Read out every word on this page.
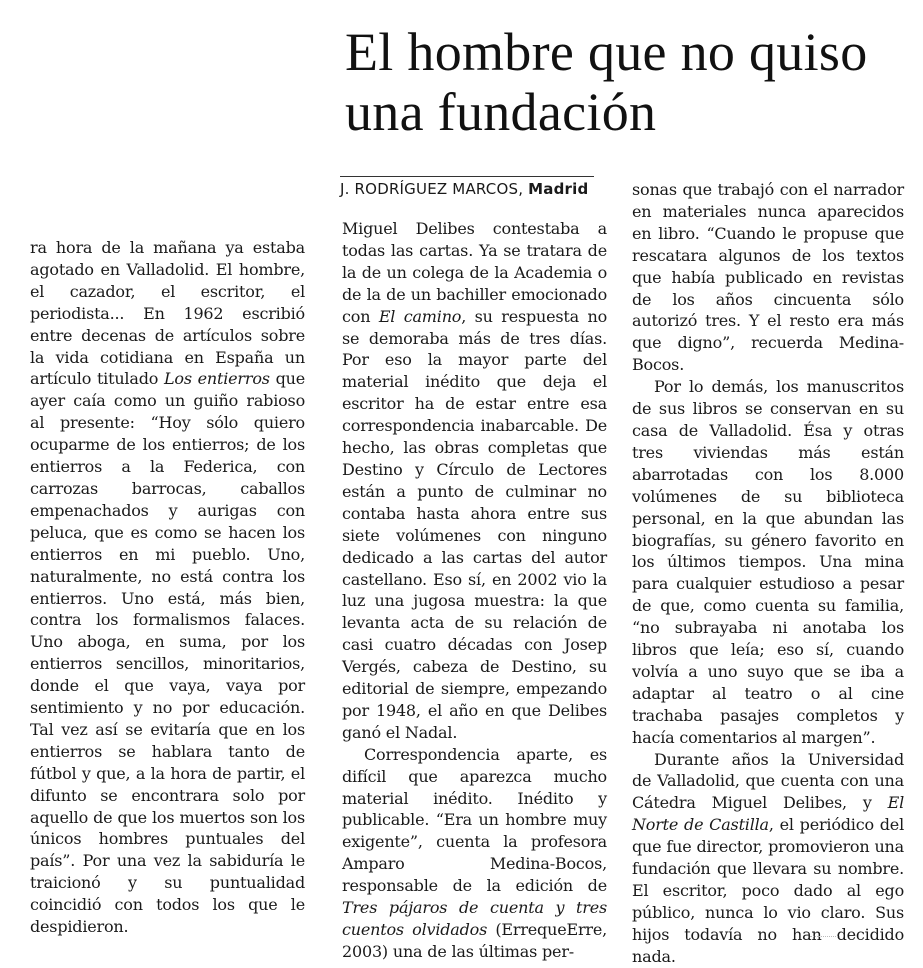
El hombre que no quiso una fundación
J. RODRÍGUEZ MARCOS, Madrid

ra hora de la mañana ya estaba agotado en Valladolid. El hombre, el cazador, el escritor, el periodista... En 1962 escribió entre decenas de artículos sobre la vida cotidiana en España un artículo titulado Los entierros que ayer caía como un guiño rabioso al presente: “Hoy sólo quiero ocuparme de los entierros; de los entierros a la Federica, con carrozas barrocas, caballos empenachados y aurigas con peluca, que es como se hacen los entierros en mi pueblo. Uno, naturalmente, no está contra los entierros. Uno está, más bien, contra los formalismos falaces. Uno aboga, en suma, por los entierros sencillos, minoritarios, donde el que vaya, vaya por sentimiento y no por educación. Tal vez así se evitaría que en los entierros se hablara tanto de fútbol y que, a la hora de partir, el difunto se encontrara solo por aquello de que los muertos son los únicos hombres puntuales del país”. Por una vez la sabiduría le traicionó y su puntualidad coincidió con todos los que le despidieron.

Miguel Delibes contestaba a todas las cartas. Ya se tratara de la de un colega de la Academia o de la de un bachiller emocionado con El camino, su respuesta no se demoraba más de tres días. Por eso la mayor parte del material inédito que deja el escritor ha de estar entre esa correspondencia inabarcable. De hecho, las obras completas que Destino y Círculo de Lectores están a punto de culminar no contaba hasta ahora entre sus siete volúmenes con ninguno dedicado a las cartas del autor castellano. Eso sí, en 2002 vio la luz una jugosa muestra: la que levanta acta de su relación de casi cuatro décadas con Josep Vergés, cabeza de Destino, su editorial de siempre, empezando por 1948, el año en que Delibes ganó el Nadal.

Correspondencia aparte, es difícil que aparezca mucho material inédito. Inédito y publicable. “Era un hombre muy exigente”, cuenta la profesora Amparo Medina-Bocos, responsable de la edición de Tres pájaros de cuenta y tres cuentos olvidados (ErrequeErre, 2003) una de las últimas per-

sonas que trabajó con el narrador en materiales nunca aparecidos en libro. “Cuando le propuse que rescatara algunos de los textos que había publicado en revistas de los años cincuenta sólo autorizó tres. Y el resto era más que digno”, recuerda Medina-Bocos.

Por lo demás, los manuscritos de sus libros se conservan en su casa de Valladolid. Ésa y otras tres viviendas más están abarrotadas con los 8.000 volúmenes de su biblioteca personal, en la que abundan las biografías, su género favorito en los últimos tiempos. Una mina para cualquier estudioso a pesar de que, como cuenta su familia, “no subrayaba ni anotaba los libros que leía; eso sí, cuando volvía a uno suyo que se iba a adaptar al teatro o al cine trachaba pasajes completos y hacía comentarios al margen”.

Durante años la Universidad de Valladolid, que cuenta con una Cátedra Miguel Delibes, y El Norte de Castilla, el periódico del que fue director, promovieron una fundación que llevara su nombre. El escritor, poco dado al ego público, nunca lo vio claro. Sus hijos todavía no han decidido nada.
